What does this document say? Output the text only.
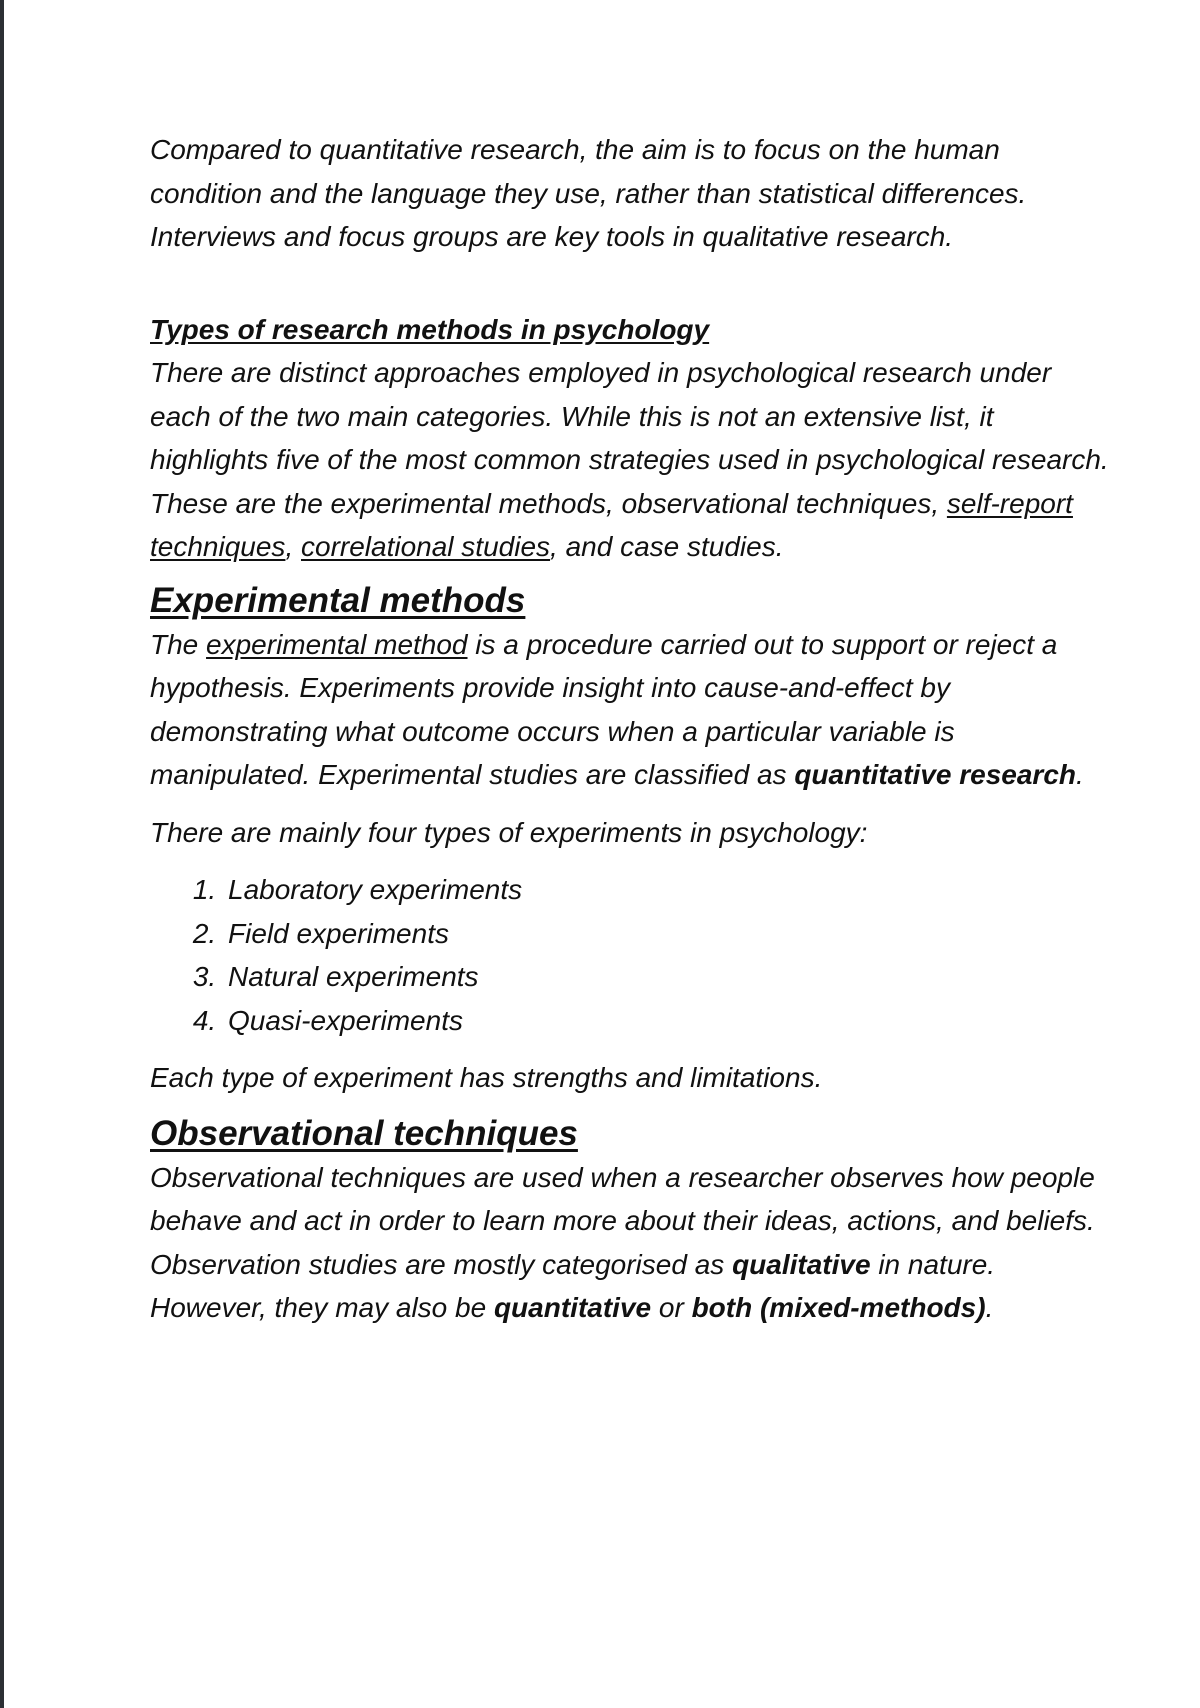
Compared to quantitative research, the aim is to focus on the human condition and the language they use, rather than statistical differences. Interviews and focus groups are key tools in qualitative research.

Types of research methods in psychology

There are distinct approaches employed in psychological research under each of the two main categories. While this is not an extensive list, it highlights five of the most common strategies used in psychological research. These are the experimental methods, observational techniques, self-report techniques, correlational studies, and case studies.

Experimental methods

The experimental method is a procedure carried out to support or reject a hypothesis. Experiments provide insight into cause-and-effect by demonstrating what outcome occurs when a particular variable is manipulated. Experimental studies are classified as quantitative research.

There are mainly four types of experiments in psychology:

1. Laboratory experiments
2. Field experiments
3. Natural experiments
4. Quasi-experiments

Each type of experiment has strengths and limitations.

Observational techniques

Observational techniques are used when a researcher observes how people behave and act in order to learn more about their ideas, actions, and beliefs. Observation studies are mostly categorised as qualitative in nature. However, they may also be quantitative or both (mixed-methods).
